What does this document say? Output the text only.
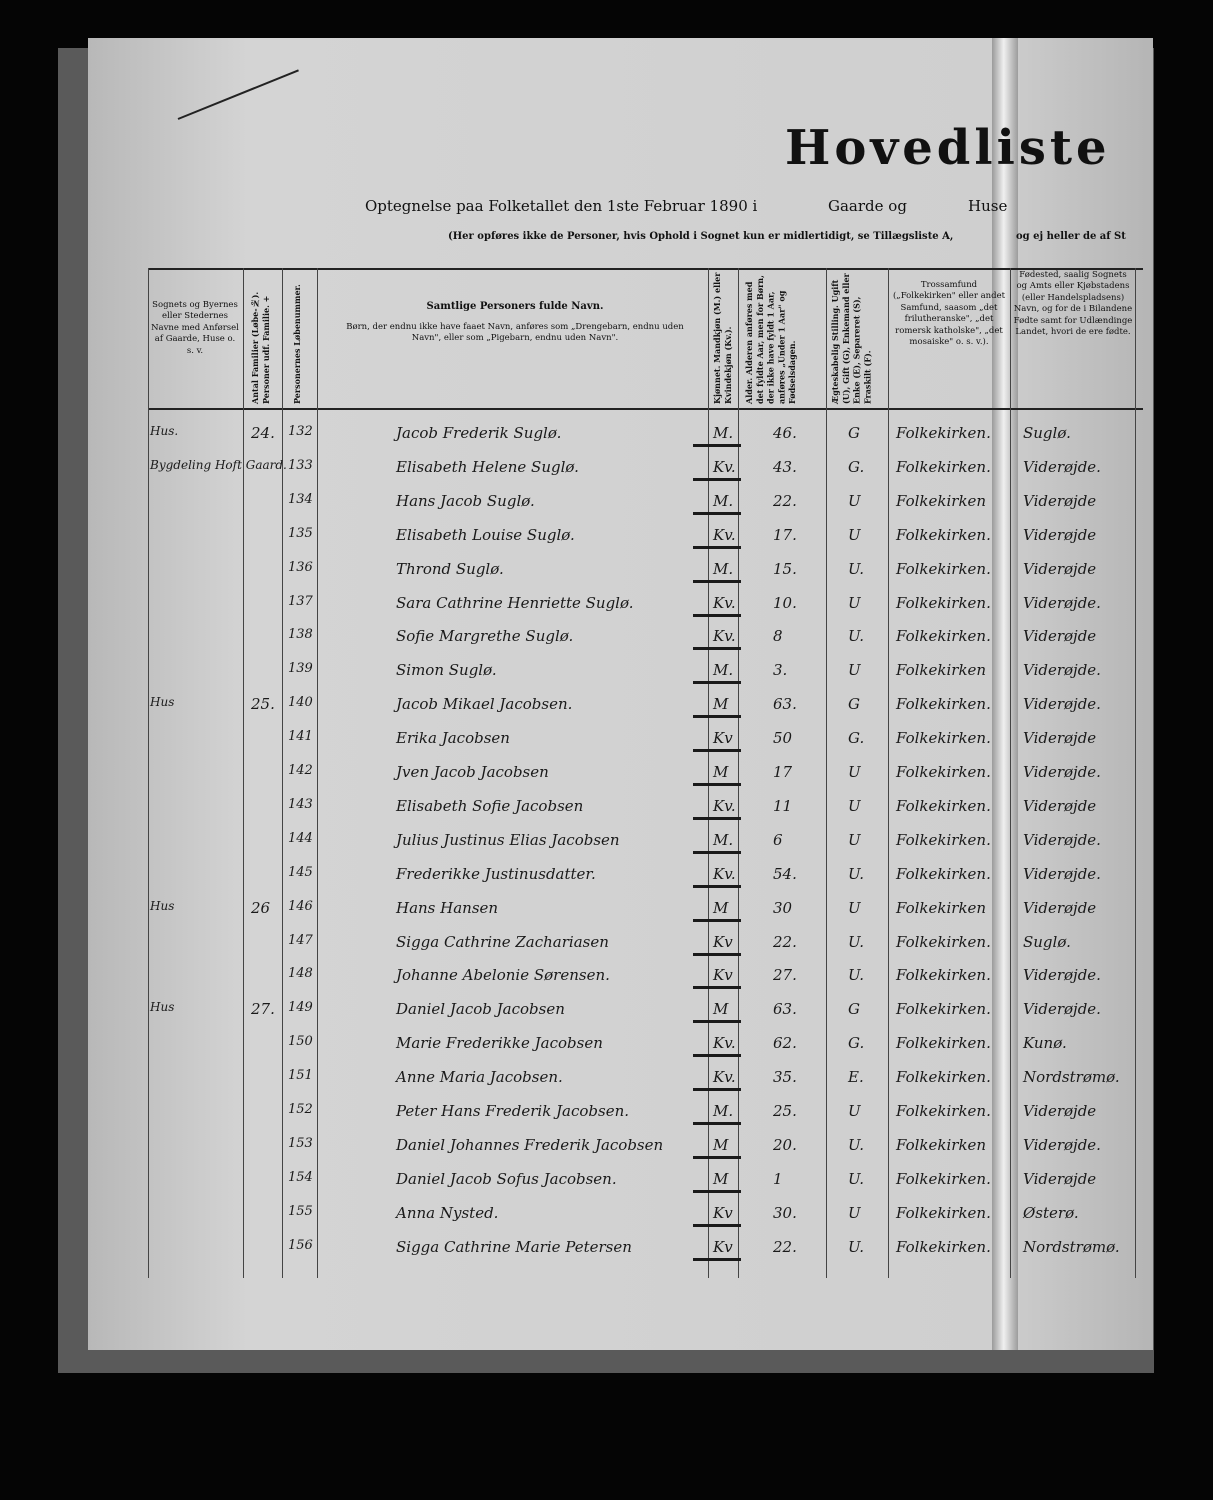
Hovedliste
Optegnelse paa Folketallet den 1ste Februar 1890 i	Gaarde og	Huse
(Her opføres ikke de Personer, hvis Ophold i Sognet kun er midlertidigt, se Tillægsliste A,	og ej heller de af St
Sognets og Byernes eller Stedernes Navne med Anførsel af Gaarde, Huse o. s. v.	Antal Familier (Løbe-№). Personer udf. Familie. +	Personernes Løbenummer.	Samtlige Personers fulde Navn.
Børn, der endnu ikke have faaet Navn, anføres som „Drengebarn, endnu uden Navn", eller som „Pigebarn, endnu uden Navn".	Kjønnet. Mandkjøn (M.) eller Kvindekjøn (Kv.). Alder. Alderen anføres med det fyldte Aar, men for Børn, der ikke have fyldt 1 Aar, anføres „Under 1 Aar" og Fødselsdagen.	Ægteskabelig Stilling. Ugift (U), Gift (G), Enkemand eller Enke (E), Separeret (S), Fraskilt (F).
Trossamfund („Folkekirken" eller andet Samfund, saasom „det frilutheranske", „det romersk katholske", „det mosaiske" o. s. v.).
Fødested, saalig Sognets og Amts eller Kjøbstadens (eller Handelspladsens) Navn, og for de i Bilandene Fødte samt for Udlændinge Landet, hvori de ere fødte.
Hus.	24. 132	Jacob Frederik Suglø.	M.	46.	G Folkekirken. Suglø.
Bygdeling Hoft Gaard. 133	Elisabeth Helene Suglø.	Kv. 43.	G. Folkekirken. Viderøjde.
134	Hans Jacob Suglø.	M.	22.	U Folkekirken Viderøjde
135	Elisabeth Louise Suglø.	Kv. 17.	U Folkekirken. Viderøjde
136	Thrond Suglø.	M.	15.	U. Folkekirken. Viderøjde
137	Sara Cathrine Henriette Suglø.	Kv. 10.	U Folkekirken. Viderøjde.
138	Sofie Margrethe Suglø.	Kv. 8	U. Folkekirken. Viderøjde
139	Simon Suglø.	M.	3.	U Folkekirken Viderøjde.
Hus	25. 140	Jacob Mikael Jacobsen.	M	63.	G Folkekirken. Viderøjde.
141	Erika Jacobsen	Kv	50	G. Folkekirken. Viderøjde
142	Jven Jacob Jacobsen	M	17	U Folkekirken. Viderøjde.
143	Elisabeth Sofie Jacobsen	Kv. 11	U Folkekirken. Viderøjde
144	Julius Justinus Elias Jacobsen	M.	6	U Folkekirken. Viderøjde.
145	Frederikke Justinusdatter.	Kv. 54.	U. Folkekirken. Viderøjde.
Hus	26 146	Hans Hansen	M	30	U Folkekirken Viderøjde
147	Sigga Cathrine Zachariasen	Kv	22.	U. Folkekirken. Suglø.
148	Johanne Abelonie Sørensen.	Kv	27.	U. Folkekirken. Viderøjde.
Hus	27. 149	Daniel Jacob Jacobsen	M	63.	G Folkekirken. Viderøjde.
150	Marie Frederikke Jacobsen	Kv. 62.	G. Folkekirken. Kunø.
151	Anne Maria Jacobsen.	Kv. 35.	E. Folkekirken. Nordstrømø.
152	Peter Hans Frederik Jacobsen.	M.	25.	U Folkekirken. Viderøjde
153	Daniel Johannes Frederik Jacobsen	M	20.	U. Folkekirken Viderøjde.
154	Daniel Jacob Sofus Jacobsen.	M	1	U. Folkekirken. Viderøjde
155	Anna Nysted.	Kv	30.	U Folkekirken. Østerø.
156	Sigga Cathrine Marie Petersen	Kv	22.	U. Folkekirken. Nordstrømø.
